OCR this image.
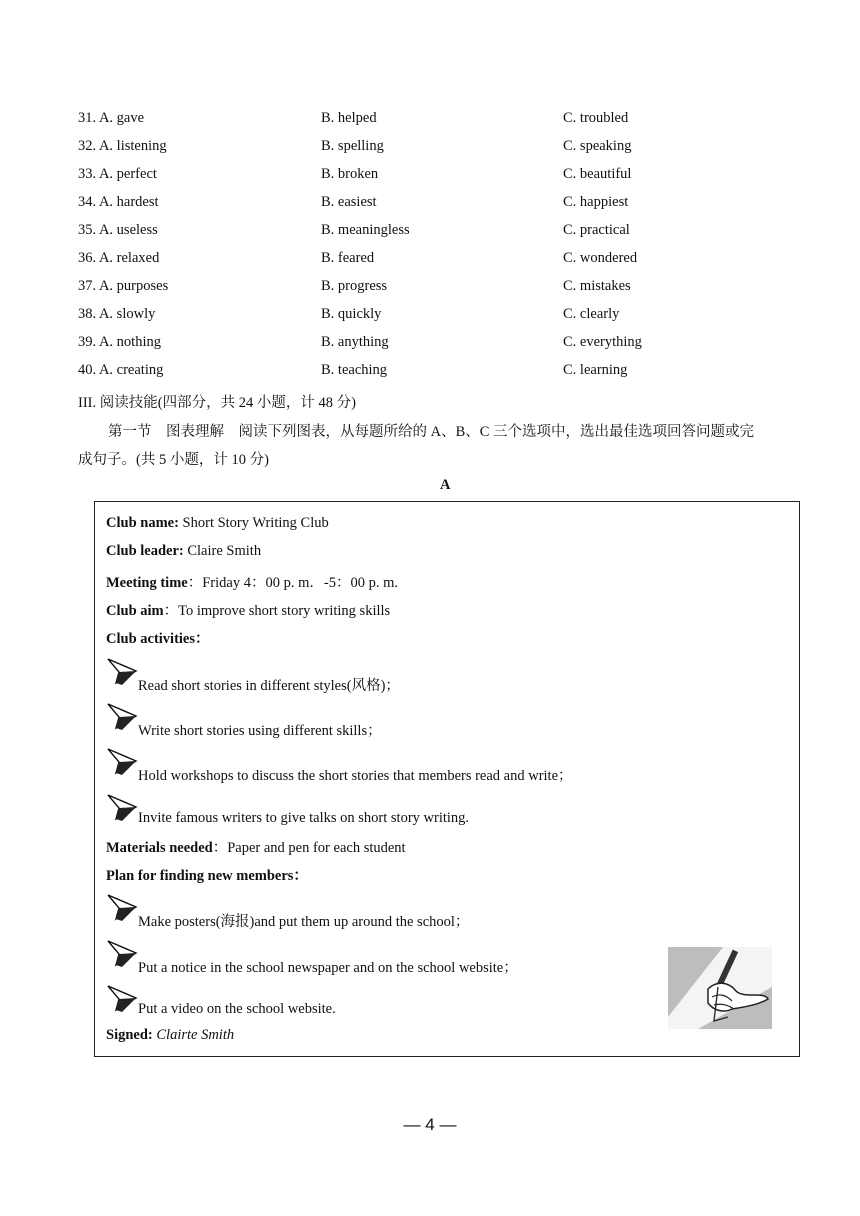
31. A. gave	B. helped	C. troubled
32. A. listening	B. spelling	C. speaking
33. A. perfect	B. broken	C. beautiful
34. A. hardest	B. easiest	C. happiest
35. A. useless	B. meaningless	C. practical
36. A. relaxed	B. feared	C. wondered
37. A. purposes	B. progress	C. mistakes
38. A. slowly	B. quickly	C. clearly
39. A. nothing	B. anything	C. everything
40. A. creating	B. teaching	C. learning
III. 阅读技能(四部分，共 24 小题，计 48 分)
第一节　图表理解　阅读下列图表，从每题所给的 A、B、C 三个选项中，选出最佳选项回答问题或完
成句子。(共 5 小题，计 10 分)
A
Club name: Short Story Writing Club
Club leader: Claire Smith
Meeting time：Friday 4：00 p. m．-5：00 p. m.
Club aim：To improve short story writing skills
Club activities：
Read short stories in different styles(风格)；
Write short stories using different skills；
Hold workshops to discuss the short stories that members read and write；
Invite famous writers to give talks on short story writing.
Materials needed：Paper and pen for each student
Plan for finding new members：
Make posters(海报)and put them up around the school；
Put a notice in the school newspaper and on the school website；
Put a video on the school website.
Signed: Clairte Smith
— 4 —
